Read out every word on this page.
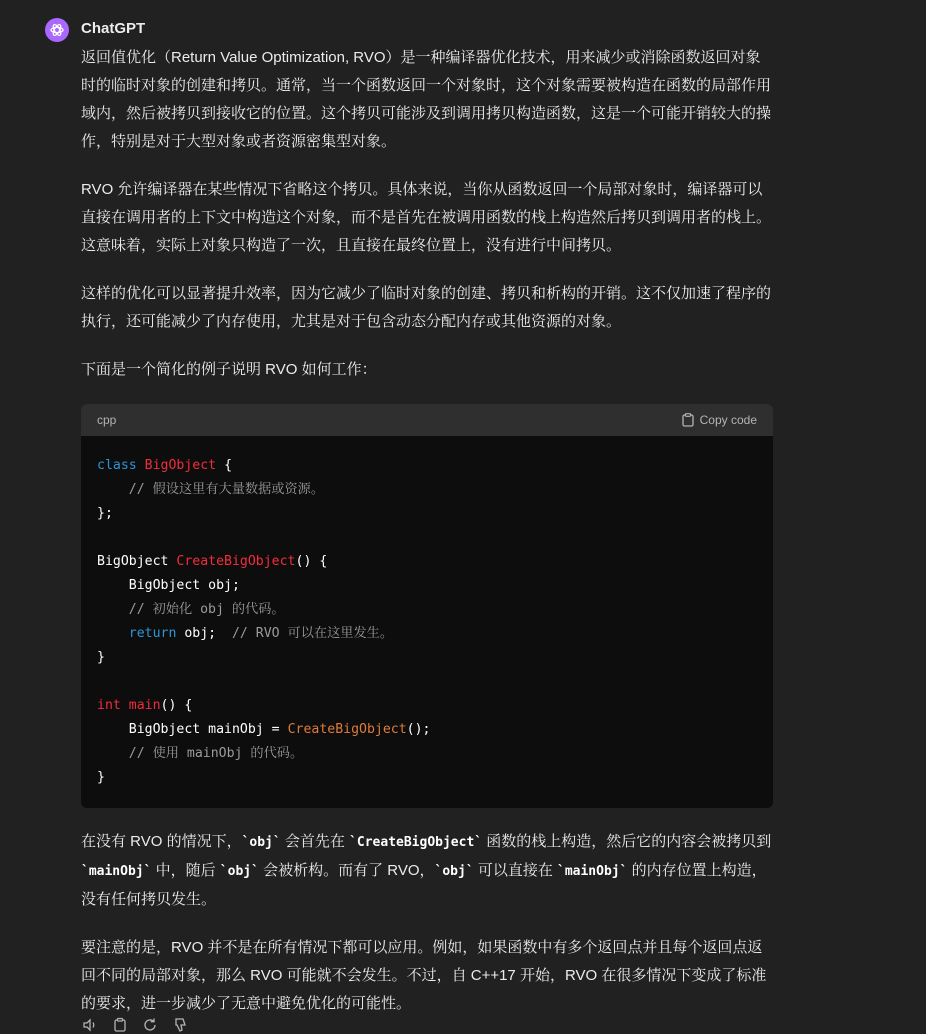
ChatGPT

返回值优化（Return Value Optimization, RVO）是一种编译器优化技术，用来减少或消除函数返回对象时的临时对象的创建和拷贝。通常，当一个函数返回一个对象时，这个对象需要被构造在函数的局部作用域内，然后被拷贝到接收它的位置。这个拷贝可能涉及到调用拷贝构造函数，这是一个可能开销较大的操作，特别是对于大型对象或者资源密集型对象。

RVO 允许编译器在某些情况下省略这个拷贝。具体来说，当你从函数返回一个局部对象时，编译器可以直接在调用者的上下文中构造这个对象，而不是首先在被调用函数的栈上构造然后拷贝到调用者的栈上。这意味着，实际上对象只构造了一次，且直接在最终位置上，没有进行中间拷贝。

这样的优化可以显著提升效率，因为它减少了临时对象的创建、拷贝和析构的开销。这不仅加速了程序的执行，还可能减少了内存使用，尤其是对于包含动态分配内存或其他资源的对象。

下面是一个简化的例子说明 RVO 如何工作：

cpp	Copy code
class BigObject {
// 假设这里有大量数据或资源。
};
BigObject CreateBigObject() {
BigObject obj;
// 初始化 obj 的代码。
return obj;  // RVO 可以在这里发生。
}
int main() {
BigObject mainObj = CreateBigObject();
// 使用 mainObj 的代码。
}

在没有 RVO 的情况下，`obj` 会首先在 `CreateBigObject` 函数的栈上构造，然后它的内容会被拷贝到 `mainObj` 中，随后 `obj` 会被析构。而有了 RVO，`obj` 可以直接在 `mainObj` 的内存位置上构造，没有任何拷贝发生。

要注意的是，RVO 并不是在所有情况下都可以应用。例如，如果函数中有多个返回点并且每个返回点返回不同的局部对象，那么 RVO 可能就不会发生。不过，自 C++17 开始，RVO 在很多情况下变成了标准的要求，进一步减少了无意中避免优化的可能性。
